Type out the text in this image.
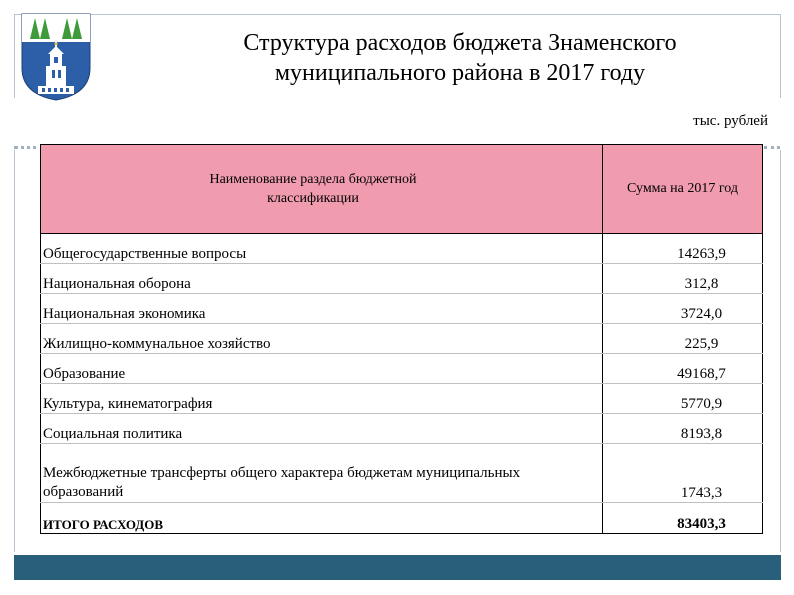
Структура расходов бюджета Знаменского
муниципального района в 2017 году
тыс. рублей
Наименование раздела бюджетной классификации	Сумма на 2017 год
Общегосударственные вопросы	14263,9
Национальная оборона	312,8
Национальная экономика	3724,0
Жилищно-коммунальное хозяйство	225,9
Образование	49168,7
Культура, кинематография	5770,9
Социальная политика	8193,8
Межбюджетные трансферты общего характера бюджетам муниципальных образований	1743,3
ИТОГО РАСХОДОВ	83403,3
